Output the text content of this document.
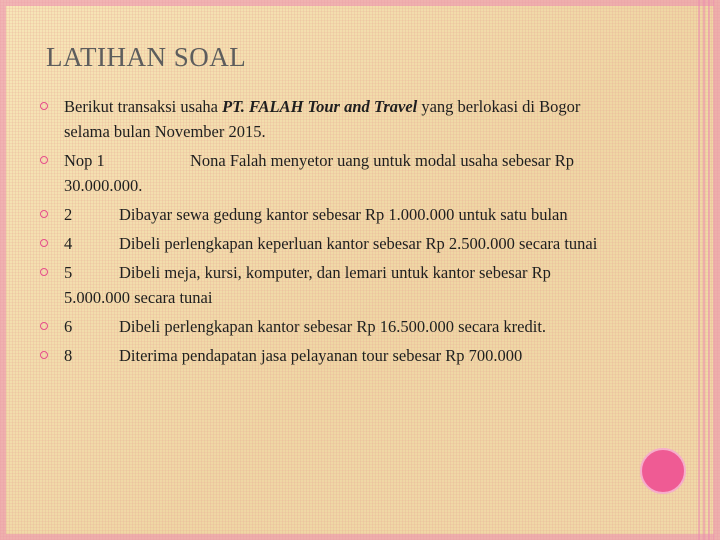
LATIHAN SOAL
Berikut transaksi usaha PT. FALAH Tour and Travel yang berlokasi di Bogor selama bulan November 2015.
Nop 1	Nona Falah menyetor uang untuk modal usaha sebesar Rp 30.000.000.
2	Dibayar sewa gedung kantor sebesar Rp 1.000.000 untuk satu bulan
4	Dibeli perlengkapan keperluan kantor sebesar Rp 2.500.000 secara tunai
5	Dibeli meja, kursi, komputer, dan lemari untuk kantor sebesar Rp 5.000.000 secara tunai
6	Dibeli perlengkapan kantor sebesar Rp 16.500.000 secara kredit.
8	Diterima pendapatan jasa pelayanan tour sebesar Rp 700.000
